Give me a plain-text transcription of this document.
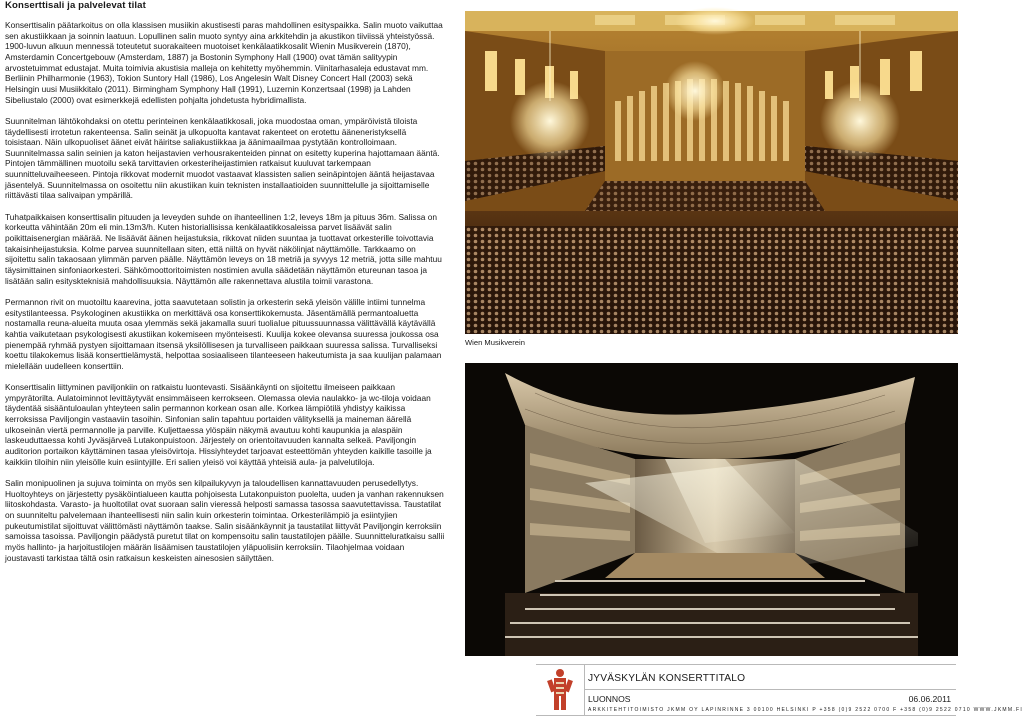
Konserttisali ja palvelevat tilat

Konserttisalin päätarkoitus on olla klassisen musiikin akustisesti paras mahdollinen esityspaikka. Salin muoto vaikuttaa sen akustiikkaan ja soinnin laatuun. Lopullinen salin muoto syntyy aina arkkitehdin ja akustikon tiiviissä yhteistyössä. 1900-luvun alkuun mennessä toteutetut suorakaiteen muotoiset kenkälaatikkosalit Wienin Musikverein (1870), Amsterdamin Concertgebouw (Amsterdam, 1887) ja Bostonin Symphony Hall (1900) ovat tämän salityypin arvostetuimmat edustajat. Muita toimivia akustisia malleja on kehitetty myöhemmin. Viinitarhasaleja edustavat mm. Berliinin Philharmonie (1963), Tokion Suntory Hall (1986), Los Angelesin Walt Disney Concert Hall (2003) sekä Helsingin uusi Musiikkitalo (2011). Birmingham Symphony Hall (1991), Luzernin Konzertsaal (1998) ja Lahden Sibeliustalo (2000) ovat esimerkkejä edellisten pohjalta johdetusta hybridimallista.

Suunnitelman lähtökohdaksi on otettu perinteinen kenkälaatikkosali, joka muodostaa oman, ympäröivistä tiloista täydellisesti irrotetun rakenteensa. Salin seinät ja ulkopuolta kantavat rakenteet on erotettu ääneneristyksellä toisistaan. Näin ulkopuoliset äänet eivät häiritse saliakustiikkaa ja äänimaailmaa pystytään kontrolloimaan. Suunnitelmassa salin seinien ja katon heijastavien verhousrakenteiden pinnat on esitetty kuperina hajottamaan ääntä. Pintojen tämmällinen muotoilu sekä tarvittavien orkesteriheijastimien ratkaisut kuuluvat tarkempaan suunnitteluvaiheeseen. Pintoja rikkovat modernit muodot vastaavat klassisten salien seinäpintojen ääntä heijastavaa jäsentelyä. Suunnitelmassa on osoitettu niin akustiikan kuin teknisten installaatioiden suunnittelulle ja sijoittamiselle riittävästi tilaa salivaipan ympärillä.

Tuhatpaikkaisen konserttisalin pituuden ja leveyden suhde on ihanteellinen 1:2, leveys 18m ja pituus 36m. Salissa on korkeutta vähintään 20m eli min.13m3/h. Kuten historiallisissa kenkälaatikkosaleissa parvet lisäävät salin poikittaisenergian määrää. Ne lisäävät äänen heijastuksia, rikkovat niiden suuntaa ja tuottavat orkesterille toivottavia takaisinheijastuksia. Kolme parvea suunnitellaan siten, että niiltä on hyvät näkölinjat näyttämölle. Tarkkaamo on sijoitettu salin takaosaan ylimmän parven päälle. Näyttämön leveys on 18 metriä ja syvyys 12 metriä, jotta sille mahtuu täysimittainen sinfoniaorkesteri. Sähkömoottoritoimisten nostimien avulla säädetään näyttämön etureunan tasoa ja lisätään salin esityskteknisiä mahdollisuuksia. Näyttämön alle rakennettava alustila toimii varastona.

Permannon rivit on muotoiltu kaarevina, jotta saavutetaan solistin ja orkesterin sekä yleisön välille intiimi tunnelma esitystilanteessa. Psykologinen akustiikka on merkittävä osa konserttikokemusta. Jäsentämällä permantoaluetta nostamalla reuna-alueita muuta osaa ylemmäs sekä jakamalla suuri tuoliaIue pituussuunnassa välittävällä käytävällä kahtia vaikutetaan psykologisesti akustiikan kokemiseen myönteisesti. Kuulija kokee olevansa suuressa joukossa osa pienempää ryhmää pystyen sijoittamaan itsensä yksilöllisesen ja turvalliseen paikkaan suuressa salissa. Turvalliseksi koettu tilakokemus lisää konserttielämystä, helpottaa sosiaaliseen tilanteeseen hakeutumista ja saa kuulijan palamaan mielellään uudelleen konserttiin.

Konserttisalin liittyminen paviljonkiin on ratkaistu luontevasti. Sisäänkäynti on sijoitettu ilmeiseen paikkaan ympyrätorilta. Aulatoiminnot levittäytyvät ensimmäiseen kerrokseen. Olemassa olevia naulakko- ja wc-tiloja voidaan täydentää sisääntuloaulan yhteyteen salin permannon korkean osan alle. Korkea lämpiötilä yhdistyy kaikissa kerroksissa Paviljongin vastaaviin tasoihin. Sinfonian salin tapahtuu portaiden välityksellä ja maineman äärellä ulkoseinän viertä permannolle ja parville. Kuljettaessa ylöspäin näkymä avautuu kohti kaupunkia ja alaspäin laskeuduttaessa kohti Jyväsjärveä Lutakonpuistoon. Järjestely on orientoitavuuden kannalta selkeä. Paviljongin auditorion portaikon käyttäminen tasaa yleisövirtoja. Hissiyhteydet tarjoavat esteettömän yhteyden kaikille tasoille ja kaikkiin tiloihin niin yleisölle kuin esiintyjille. Eri salien yleisö voi käyttää yhteisiä aula- ja palvelutiloja.

Salin monipuolinen ja sujuva toiminta on myös sen kilpailukyvyn ja taloudellisen kannattavuuden perusedellytys. Huoltoyhteys on järjestetty pysäköintialueen kautta pohjoisesta Lutakonpuiston puolelta, uuden ja vanhan rakennuksen liitoskohdasta. Varasto- ja huoltotilat ovat suoraan salin vieressä helposti samassa tasossa saavutettavissa. Taustatilat on suunniteltu palvelemaan ihanteellisesti niin salin kuin orkesterin toimintaa. Orkesterilämpiö ja esiintyjien pukeutumistilat sijoittuvat välittömästi näyttämön taakse. Salin sisäänkäynnit ja taustatilat liittyvät Paviljongin kerroksiin samoissa tasoissa. Paviljongin päädystä puretut tilat on kompensoitu salin taustatilojen päälle. Suunnitteluratkaisu sallii myös hallinto- ja harjoitustilojen määrän lisäämisen taustatilojen yläpuolisiin kerroksiin. Tilaohjelmaa voidaan joustavasti tarkistaa tältä osin ratkaisun keskeisten ainesosien säilyttäen.

Wien Musikverein
JYVÄSKYLÄN KONSERTTITALO
LUONNOS	06.06.2011
ARKKITEHTITOIMISTO JKMM OY LAPINRINNE 3 00100 HELSINKI P +358 (0)9 2522 0700 F +358 (0)9 2522 0710 WWW.JKMM.FI
